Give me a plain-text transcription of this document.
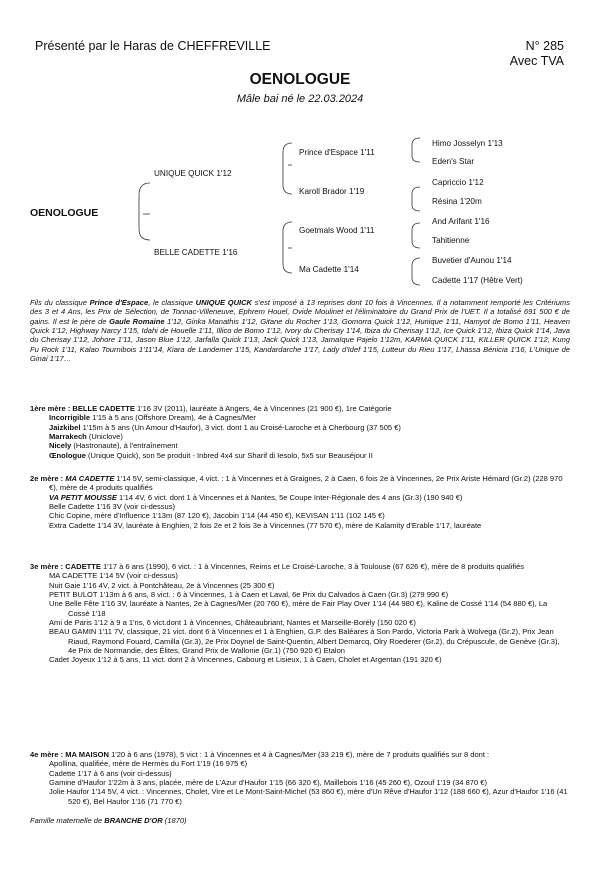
Présenté par le Haras de CHEFFREVILLE	N° 285
Avec TVA
OENOLOGUE
Mâle bai né le 22.03.2024
OENOLOGUE
UNIQUE QUICK 1'12
BELLE CADETTE 1'16
Prince d'Espace 1'11
Karoll Brador 1'19
Goetmals Wood 1'11
Ma Cadette 1'14
Himo Josselyn 1'13
Eden's Star
Capriccio 1'12
Résina 1'20m
And Arifant 1'16
Tahitienne
Buvetier d'Aunou 1'14
Cadette 1'17 (Hêtre Vert)
Fils du classique Prince d'Espace, le classique UNIQUE QUICK s'est imposé à 13 reprises dont 10 fois à Vincennes. Il a notamment remporté les Critériums des 3 et 4 Ans, les Prix de Sélection, de Tonnac-Villeneuve, Ephrem Houel, Ovide Moulinet et l'éliminatoire du Grand Prix de l'UET. Il a totalisé 691 500 € de gains. Il est le père de Gaule Romaine 1'12, Ginka Manathis 1'12, Gitane du Rocher 1'13, Gomorra Quick 1'12, Hunique 1'11, Hamyot de Bomo 1'11, Heaven Quick 1'12, Highway Narcy 1'15, Idahi de Houelle 1'11, Illico de Bomo 1'12, Ivory du Cherisay 1'14, Ibiza du Cherisay 1'12, Ice Quick 1'12, Ibiza Quick 1'14, Java du Cherisay 1'12, Johore 1'11, Jason Blue 1'12, Jarfalla Quick 1'13, Jack Quick 1'13, Jamaïque Pajelo 1'12m, KARMA QUICK 1'11, KILLER QUICK 1'12, Kung Fu Rock 1'11, Kalao Tournibois 1'11'14, Kiara de Landemer 1'15, Kandardarche 1'17, Lady d'Idef 1'15, Lutteur du Rieu 1'17, Lhassa Bénicia 1'16, L'Unique de Ginai 1'17…

1ère mère : BELLE CADETTE 1'16 3V (2011), lauréate à Angers, 4e à Vincennes (21 900 €), 1re Catégorie

Incorrigible 1'15 à 5 ans (Offshore Dream), 4e à Cagnes/Mer

Jaizkibel 1'15m à 5 ans (Un Amour d'Haufor), 3 vict. dont 1 au Croisé-Laroche et à Cherbourg (37 505 €)

Marrakech (Uniclove)

Nicely (Hastronaute), à l'entraînement

Œnologue (Unique Quick), son 5e produit - Inbred 4x4 sur Sharif di Iesolo, 5x5 sur Beauséjour II

2e mère : MA CADETTE 1'14 5V, semi-classique, 4 vict. : 1 à Vincennes et à Graignes, 2 à Caen, 6 fois 2e à Vincennes, 2e Prix Ariste Hémard (Gr.2) (228 970 €), mère de 4 produits qualifiés

VA PETIT MOUSSE 1'14 4V, 6 vict. dont 1 à Vincennes et à Nantes, 5e Coupe Inter-Régionale des 4 ans (Gr.3) (190 940 €)

Belle Cadette 1'16 3V (voir ci-dessus)

Chic Copine, mère d'Influence 1'13m (87 120 €), Jacobin 1'14 (44 450 €), KEVISAN 1'11 (102 145 €)

Extra Cadette 1'14 3V, lauréate à Enghien, 2 fois 2e et 2 fois 3e à Vincennes (77 570 €), mère de Kalamity d'Erable 1'17, lauréate

3e mère : CADETTE 1'17 à 6 ans (1990), 6 vict. : 1 à Vincennes, Reims et Le Croisé-Laroche, 3 à Toulouse (67 626 €), mère de 8 produits qualifiés

MA CADETTE 1'14 5V (voir ci-dessus)

Nuit Gaie 1'16 4V, 2 vict. à Pontchâteau, 2e à Vincennes (25 300 €)

PETIT BULOT 1'13m à 6 ans, 8 vict. : 6 à Vincennes, 1 à Caen et Laval, 6e Prix du Calvados à Caen (Gr.3) (279 990 €)

Une Belle Fête 1'16 3V, lauréate à Nantes, 2e à Cagnes/Mer (20 760 €), mère de Fair Play Over 1'14 (44 980 €), Kaline de Cossé 1'14 (54 880 €), La Cossé 1'18

Ami de Paris 1'12 à 9 a 1'ns, 6 vict.dont 1 à Vincennes, Châteaubriant, Nantes et Marseille-Borély (150 020 €)

BEAU GAMIN 1'11 7V, classique, 21 vict. dont 6 à Vincennes et 1 à Enghien, G.P. des Baléares à Son Pardo, Victoria Park à Wolvega (Gr.2), Prix Jean Riaud, Raymond Fouard, Camilla (Gr.3), 2e Prix Doynel de Saint-Quentin, Albert Demarcq, Olry Roederer (Gr.2), du Crépuscule, de Genève (Gr.3), 4e Prix de Normandie, des Élites, Grand Prix de Wallonie (Gr.1) (750 920 €) Etalon

Cadet Joyeux 1'12 à 5 ans, 11 vict. dont 2 à Vincennes, Cabourg et Lisieux, 1 à Caen, Cholet et Argentan (191 320 €)

4e mère : MA MAISON 1'20 à 6 ans (1978), 5 vict : 1 à Vincennes et 4 à Cagnes/Mer (33 219 €), mère de 7 produits qualifiés sur 8 dont :

Apollina, qualifiée, mère de Hermès du Fort 1'19 (16 975 €)

Cadette 1'17 à 6 ans (voir ci-dessus)

Gamine d'Haufor 1'22m à 3 ans, placée, mère de L'Azur d'Haufor 1'15 (66 320 €), Maillebois 1'16 (45 260 €), Ozouf 1'19 (34 870 €)

Jolie Haufor 1'14 5V, 4 vict. : Vincennes, Cholet, Vire et Le Mont-Saint-Michel (53 860 €), mère d'Un Rêve d'Haufor 1'12 (188 660 €), Azur d'Haufor 1'16 (41 520 €), Bel Haufor 1'16 (71 770 €)

Famille maternelle de BRANCHE D'OR (1870)
